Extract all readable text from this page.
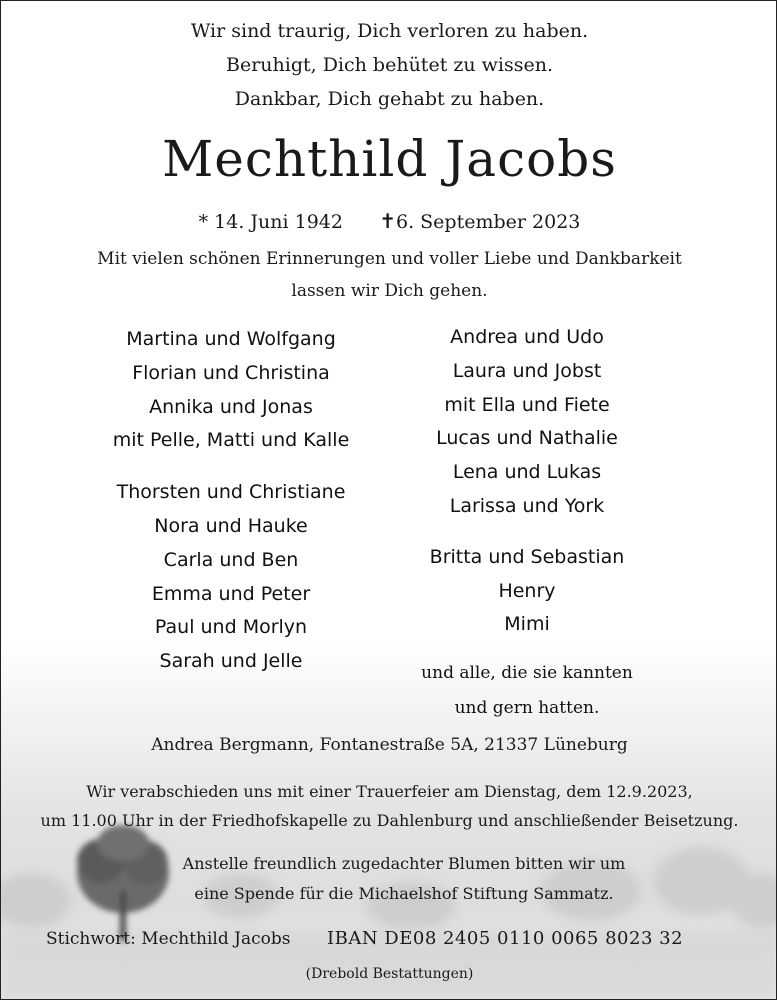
Wir sind traurig, Dich verloren zu haben.
Beruhigt, Dich behütet zu wissen.
Dankbar, Dich gehabt zu haben.
Mechthild Jacobs
* 14. Juni 1942 ✝6. September 2023
Mit vielen schönen Erinnerungen und voller Liebe und Dankbarkeit
lassen wir Dich gehen.
Martina und Wolfgang
Florian und Christina
Annika und Jonas
mit Pelle, Matti und Kalle
Thorsten und Christiane
Nora und Hauke
Carla und Ben
Emma und Peter
Paul und Morlyn
Sarah und Jelle
Andrea und Udo
Laura und Jobst
mit Ella und Fiete
Lucas und Nathalie
Lena und Lukas
Larissa und York
Britta und Sebastian
Henry
Mimi
und alle, die sie kannten
und gern hatten.
Andrea Bergmann, Fontanestraße 5A, 21337 Lüneburg
Wir verabschieden uns mit einer Trauerfeier am Dienstag, dem 12.9.2023,
um 11.00 Uhr in der Friedhofskapelle zu Dahlenburg und anschließender Beisetzung.
Anstelle freundlich zugedachter Blumen bitten wir um
eine Spende für die Michaelshof Stiftung Sammatz.
Stichwort: Mechthild Jacobs IBAN DE08 2405 0110 0065 8023 32
(Drebold Bestattungen)
